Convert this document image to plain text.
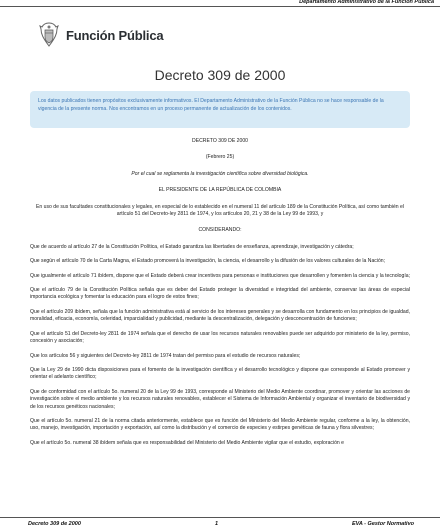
Departamento Administrativo de la Función Pública
Función Pública
Decreto 309 de 2000
Los datos publicados tienen propósitos exclusivamente informativos. El Departamento Administrativo de la Función Pública no se hace responsable de la vigencia de la presente norma. Nos encontramos en un proceso permanente de actualización de los contenidos.

DECRETO 309 DE 2000

(Febrero 25)

Por el cual se reglamenta la investigación científica sobre diversidad biológica.

EL PRESIDENTE DE LA REPÚBLICA DE COLOMBIA

En uso de sus facultades constitucionales y legales, en especial de lo establecido en el numeral 11 del artículo 189 de la Constitución Política, así como también el artículo 51 del Decreto-ley 2811 de 1974, y los artículos 20, 21 y 38 de la Ley 99 de 1993, y

CONSIDERANDO:

Que de acuerdo al artículo 27 de la Constitución Política, el Estado garantiza las libertades de enseñanza, aprendizaje, investigación y cátedra;

Que según el artículo 70 de la Carta Magna, el Estado promoverá la investigación, la ciencia, el desarrollo y la difusión de los valores culturales de la Nación;

Que igualmente el artículo 71 ibídem, dispone que el Estado deberá crear incentivos para personas e instituciones que desarrollen y fomenten la ciencia y la tecnología;

Que el artículo 79 de la Constitución Política señala que es deber del Estado proteger la diversidad e integridad del ambiente, conservar las áreas de especial importancia ecológica y fomentar la educación para el logro de estos fines;

Que el artículo 209 ibídem, señala que la función administrativa está al servicio de los intereses generales y se desarrolla con fundamento en los principios de igualdad, moralidad, eficacia, economía, celeridad, imparcialidad y publicidad, mediante la descentralización, delegación y desconcentración de funciones;

Que el artículo 51 del Decreto-ley 2811 de 1974 señala que el derecho de usar los recursos naturales renovables puede ser adquirido por ministerio de la ley, permiso, concesión y asociación;

Que los artículos 56 y siguientes del Decreto-ley 2811 de 1974 tratan del permiso para el estudio de recursos naturales;

Que la Ley 29 de 1990 dicta disposiciones para el fomento de la investigación científica y el desarrollo tecnológico y dispone que corresponde al Estado promover y orientar el adelanto científico;

Que de conformidad con el artículo 5o. numeral 20 de la Ley 99 de 1993, corresponde al Ministerio del Medio Ambiente coordinar, promover y orientar las acciones de investigación sobre el medio ambiente y los recursos naturales renovables, establecer el Sistema de Información Ambiental y organizar el inventario de biodiversidad y de los recursos genéticos nacionales;

Que el artículo 5o. numeral 21 de la norma citada anteriormente, establece que es función del Ministerio del Medio Ambiente regular, conforme a la ley, la obtención, uso, manejo, investigación, importación y exportación, así como la distribución y el comercio de especies y estirpes genéticas de fauna y flora silvestres;

Que el artículo 5o. numeral 38 ibídem señala que es responsabilidad del Ministerio del Medio Ambiente vigilar que el estudio, exploración e

Decreto 309 de 2000	1	EVA - Gestor Normativo
